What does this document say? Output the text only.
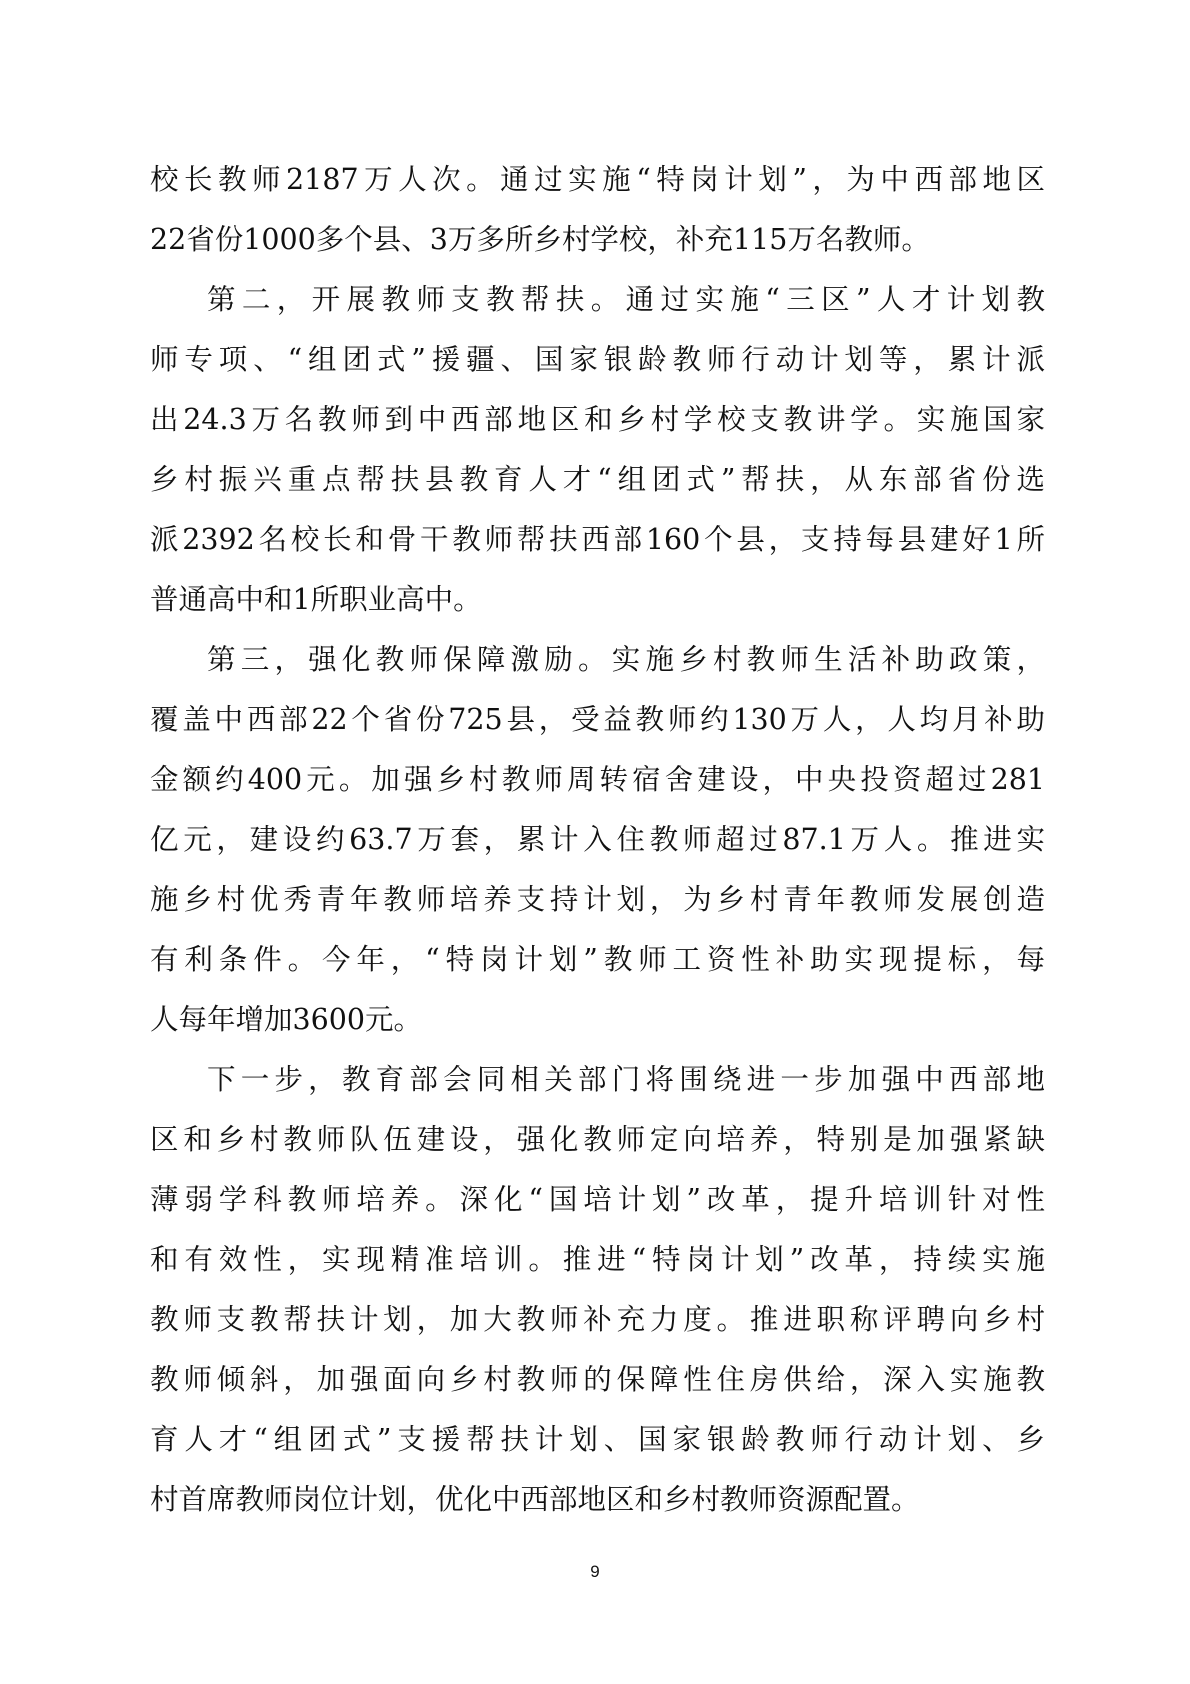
校长教师2187万人次。通过实施“特岗计划”，为中西部地区
22省份1000多个县、3万多所乡村学校，补充115万名教师。
第二，开展教师支教帮扶。通过实施“三区”人才计划教
师专项、“组团式”援疆、国家银龄教师行动计划等，累计派
出24.3万名教师到中西部地区和乡村学校支教讲学。实施国家
乡村振兴重点帮扶县教育人才“组团式”帮扶，从东部省份选
派2392名校长和骨干教师帮扶西部160个县，支持每县建好1所
普通高中和1所职业高中。
第三，强化教师保障激励。实施乡村教师生活补助政策，
覆盖中西部22个省份725县，受益教师约130万人，人均月补助
金额约400元。加强乡村教师周转宿舍建设，中央投资超过281
亿元，建设约63.7万套，累计入住教师超过87.1万人。推进实
施乡村优秀青年教师培养支持计划，为乡村青年教师发展创造
有利条件。今年，“特岗计划”教师工资性补助实现提标，每
人每年增加3600元。
下一步，教育部会同相关部门将围绕进一步加强中西部地
区和乡村教师队伍建设，强化教师定向培养，特别是加强紧缺
薄弱学科教师培养。深化“国培计划”改革，提升培训针对性
和有效性，实现精准培训。推进“特岗计划”改革，持续实施
教师支教帮扶计划，加大教师补充力度。推进职称评聘向乡村
教师倾斜，加强面向乡村教师的保障性住房供给，深入实施教
育人才“组团式”支援帮扶计划、国家银龄教师行动计划、乡
村首席教师岗位计划，优化中西部地区和乡村教师资源配置。
9
